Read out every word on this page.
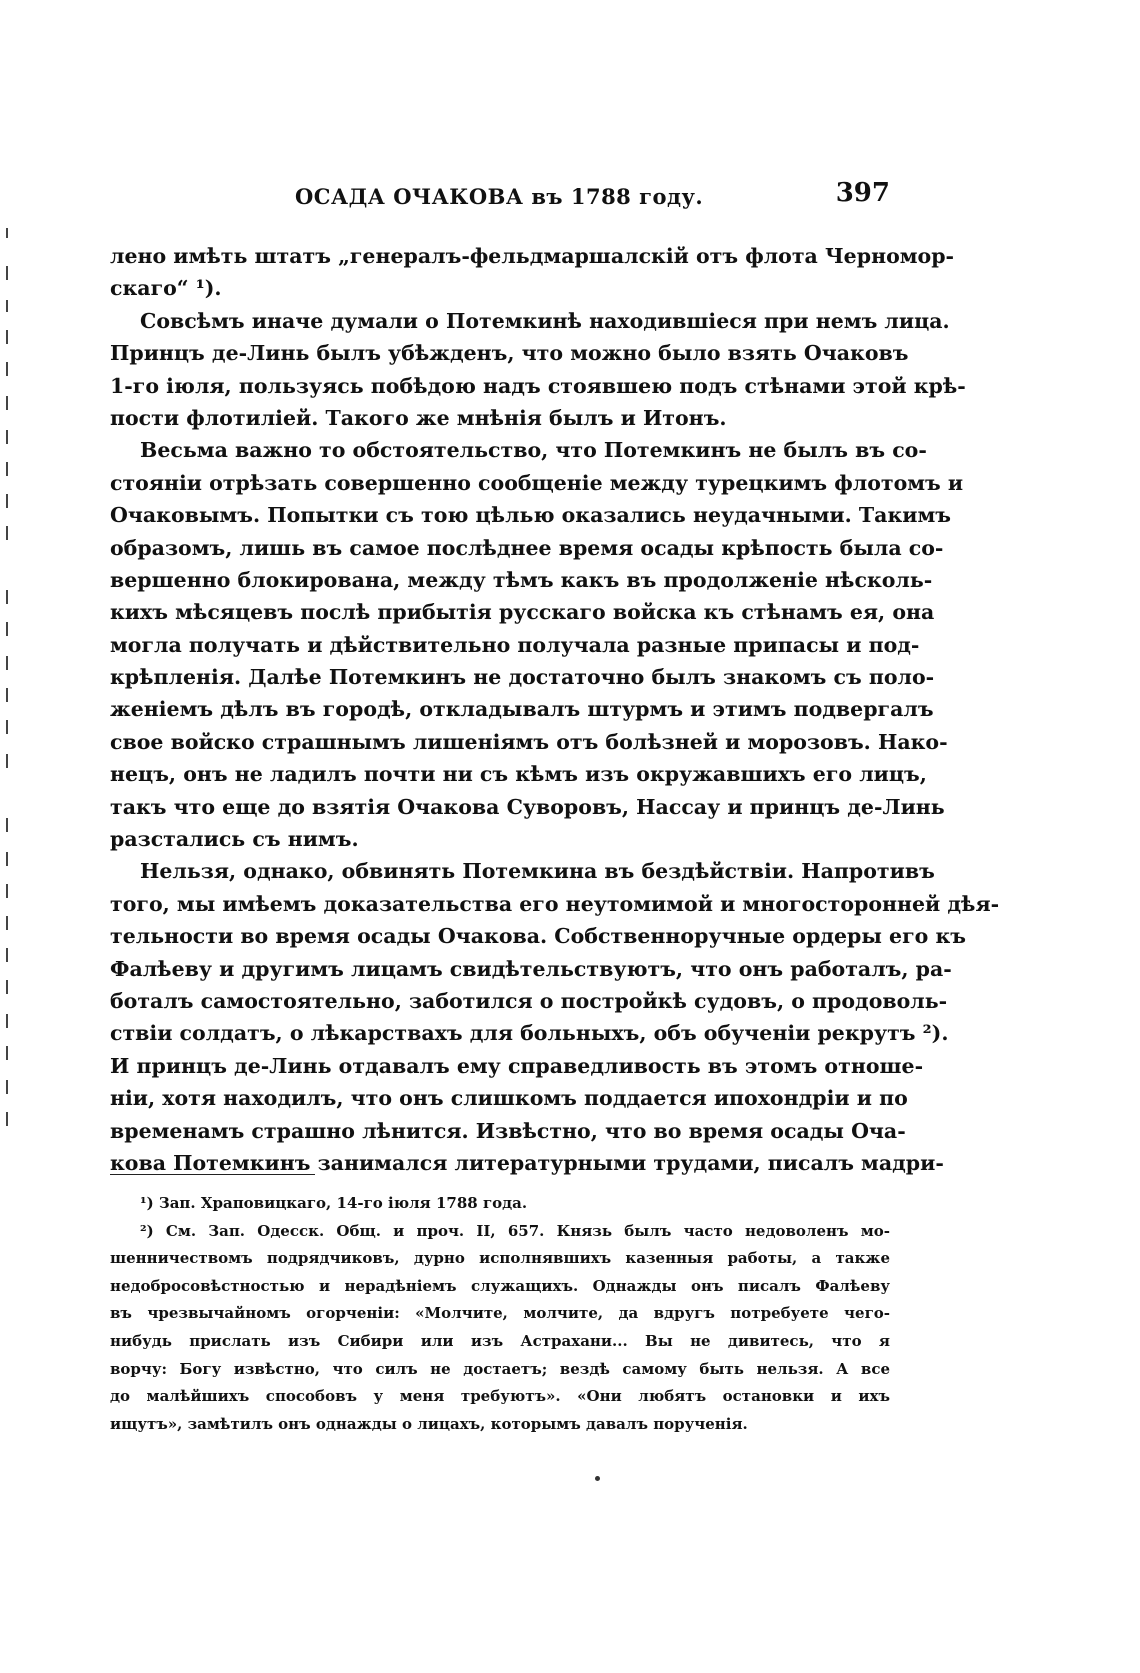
ОСАДА ОЧАКОВА въ 1788 году.	397
лено имѣть штатъ „генералъ-фельдмаршалскій отъ флота Черномор-
скаго“ ¹).
Совсѣмъ иначе думали о Потемкинѣ находившіеся при немъ лица.
Принцъ де-Линь былъ убѣжденъ, что можно было взять Очаковъ
1-го іюля, пользуясь побѣдою надъ стоявшею подъ стѣнами этой крѣ-
пости флотиліей. Такого же мнѣнія былъ и Итонъ.
Весьма важно то обстоятельство, что Потемкинъ не былъ въ со-
стояніи отрѣзать совершенно сообщеніе между турецкимъ флотомъ и
Очаковымъ. Попытки съ тою цѣлью оказались неудачными. Такимъ
образомъ, лишь въ самое послѣднее время осады крѣпость была со-
вершенно блокирована, между тѣмъ какъ въ продолженіе нѣсколь-
кихъ мѣсяцевъ послѣ прибытія русскаго войска къ стѣнамъ ея, она
могла получать и дѣйствительно получала разные припасы и под-
крѣпленія. Далѣе Потемкинъ не достаточно былъ знакомъ съ поло-
женіемъ дѣлъ въ городѣ, откладывалъ штурмъ и этимъ подвергалъ
свое войско страшнымъ лишеніямъ отъ болѣзней и морозовъ. Нако-
нецъ, онъ не ладилъ почти ни съ кѣмъ изъ окружавшихъ его лицъ,
такъ что еще до взятія Очакова Суворовъ, Нассау и принцъ де-Линь
разстались съ нимъ.
Нельзя, однако, обвинять Потемкина въ бездѣйствіи. Напротивъ
того, мы имѣемъ доказательства его неутомимой и многосторонней дѣя-
тельности во время осады Очакова. Собственноручные ордеры его къ
Фалѣеву и другимъ лицамъ свидѣтельствуютъ, что онъ работалъ, ра-
боталъ самостоятельно, заботился о постройкѣ судовъ, о продоволь-
ствіи солдатъ, о лѣкарствахъ для больныхъ, объ обученіи рекрутъ ²).
И принцъ де-Линь отдавалъ ему справедливость въ этомъ отноше-
ніи, хотя находилъ, что онъ слишкомъ поддается ипохондріи и по
временамъ страшно лѣнится. Извѣстно, что во время осады Оча-
кова Потемкинъ занимался литературными трудами, писалъ мадри-
¹) Зап. Храповицкаго, 14-го іюля 1788 года.
²) См. Зап. Одесск. Общ. и проч. II, 657. Князь былъ часто недоволенъ мо-
шенничествомъ подрядчиковъ, дурно исполнявшихъ казенныя работы, а также
недобросовѣстностью и нерадѣніемъ служащихъ. Однажды онъ писалъ Фалѣеву
въ чрезвычайномъ огорченіи: «Молчите, молчите, да вдругъ потребуете чего-
нибудь прислать изъ Сибири или изъ Астрахани... Вы не дивитесь, что я
ворчу: Богу извѣстно, что силъ не достаетъ; вездѣ самому быть нельзя. А все
до малѣйшихъ способовъ у меня требуютъ». «Они любятъ остановки и ихъ
ищутъ», замѣтилъ онъ однажды о лицахъ, которымъ давалъ порученія.
